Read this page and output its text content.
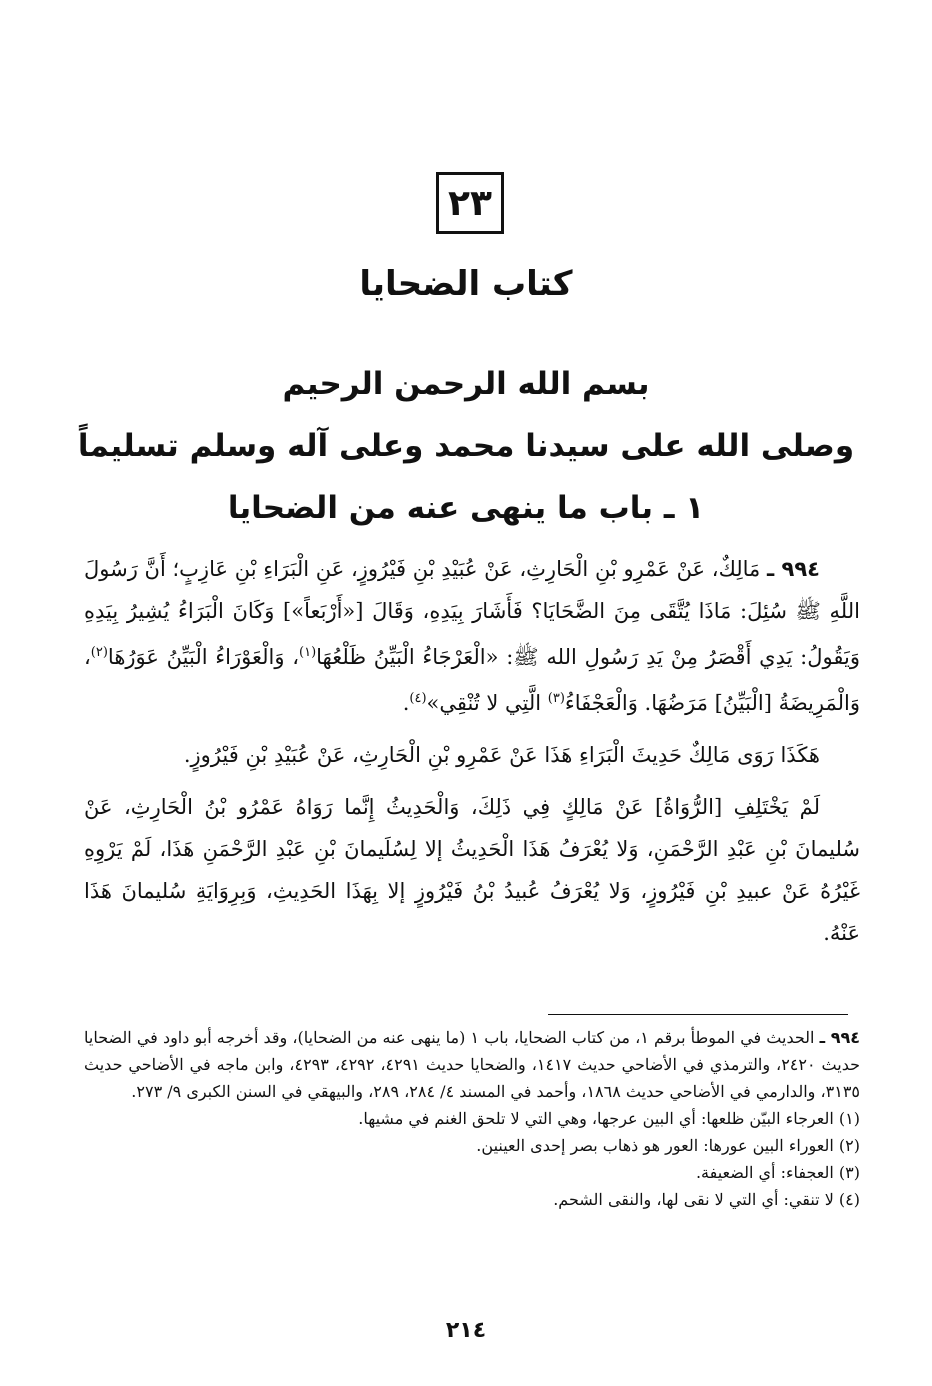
٢٣
كتاب الضحايا
بسم الله الرحمن الرحيم
وصلى الله على سيدنا محمد وعلى آله وسلم تسليماً
١ ـ باب ما ينهى عنه من الضحايا

٩٩٤ ـ مَالِكٌ، عَنْ عَمْرِو بْنِ الْحَارِثِ، عَنْ عُبَيْدِ بْنِ فَيْرُوزٍ، عَنِ الْبَرَاءِ بْنِ عَازِبٍ؛ أَنَّ رَسُولَ اللَّهِ ﷺ سُئِلَ: مَاذَا يُتَّقَى مِنَ الضَّحَايَا؟ فَأَشَارَ بِيَدِهِ، وَقَالَ [«أَرْبَعاً»] وَكَانَ الْبَرَاءُ يُشِيرُ بِيَدِهِ وَيَقُولُ: يَدِي أَقْصَرُ مِنْ يَدِ رَسُولِ الله ﷺ: «الْعَرْجَاءُ الْبَيِّنُ ظَلْعُهَا$^{(١)}$، وَالْعَوْرَاءُ الْبَيِّنُ عَوَرُهَا$^{(٢)}$، وَالْمَرِيضَةُ [الْبَيِّنُ] مَرَضُهَا. وَالْعَجْفَاءُ$^{(٣)}$ الَّتِي لا تُنْقِي»$^{(٤)}$.

هَكَذَا رَوَى مَالِكٌ حَدِيثَ الْبَرَاءِ هَذَا عَنْ عَمْرِو بْنِ الْحَارِثِ، عَنْ عُبَيْدِ بْنِ فَيْرُوزٍ.

لَمْ يَخْتَلِفِ [الرُّوَاةُ] عَنْ مَالِكٍ فِي ذَلِكَ، وَالْحَدِيثُ إِنَّما رَوَاهُ عَمْرُو بْنُ الْحَارِثِ، عَنْ سُليمانَ بْنِ عَبْدِ الرَّحْمَنِ، وَلا يُعْرَفُ هَذَا الْحَدِيثُ إلا لِسُلَيمانَ بْنِ عَبْدِ الرَّحْمَنِ هَذَا، لَمْ يَرْوِهِ غَيْرُهُ عَنْ عبيدِ بْنِ فَيْرُوزٍ، وَلا يُعْرَفُ عُبيدُ بْنُ فَيْرُوزٍ إلا بِهَذَا الحَدِيثِ، وَبِرِوَايَةِ سُليمانَ هَذَا عَنْهُ.

٩٩٤ ـ الحديث في الموطأ برقم ١، من كتاب الضحايا، باب ١ (ما ينهى عنه من الضحايا)، وقد أخرجه أبو داود في الضحايا حديث ٢٤٢٠، والترمذي في الأضاحي حديث ١٤١٧، والضحايا حديث ٤٢٩١، ٤٢٩٢، ٤٢٩٣، وابن ماجه في الأضاحي حديث ٣١٣٥، والدارمي في الأضاحي حديث ١٨٦٨، وأحمد في المسند ٤/ ٢٨٤، ٢٨٩، والبيهقي في السنن الكبرى ٩/ ٢٧٣.

(١) العرجاء البيّن ظلعها: أي البين عرجها، وهي التي لا تلحق الغنم في مشيها.

(٢) العوراء البين عورها: العور هو ذهاب بصر إحدى العينين.

(٣) العجفاء: أي الضعيفة.

(٤) لا تنقي: أي التي لا نقى لها، والنقى الشحم.

٢١٤
